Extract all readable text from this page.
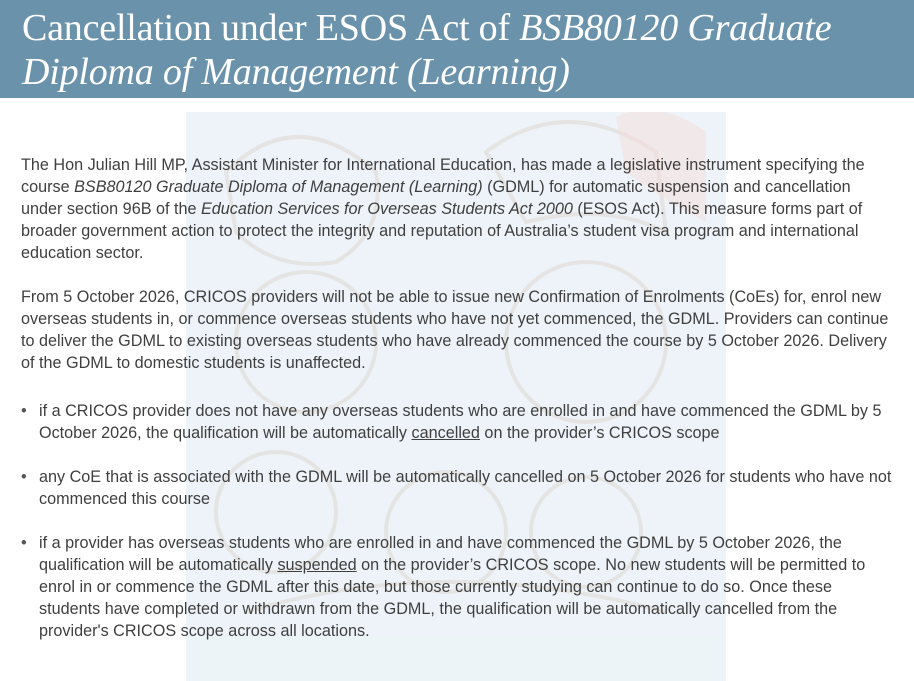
Cancellation under ESOS Act of BSB80120 Graduate Diploma of Management (Learning)

The Hon Julian Hill MP, Assistant Minister for International Education, has made a legislative instrument specifying the course BSB80120 Graduate Diploma of Management (Learning) (GDML) for automatic suspension and cancellation under section 96B of the Education Services for Overseas Students Act 2000 (ESOS Act). This measure forms part of broader government action to protect the integrity and reputation of Australia’s student visa program and international education sector.

From 5 October 2026, CRICOS providers will not be able to issue new Confirmation of Enrolments (CoEs) for, enrol new overseas students in, or commence overseas students who have not yet commenced, the GDML. Providers can continue to deliver the GDML to existing overseas students who have already commenced the course by 5 October 2026. Delivery of the GDML to domestic students is unaffected.

• if a CRICOS provider does not have any overseas students who are enrolled in and have commenced the GDML by 5 October 2026, the qualification will be automatically cancelled on the provider’s CRICOS scope
• any CoE that is associated with the GDML will be automatically cancelled on 5 October 2026 for students who have not commenced this course
• if a provider has overseas students who are enrolled in and have commenced the GDML by 5 October 2026, the qualification will be automatically suspended on the provider’s CRICOS scope. No new students will be permitted to enrol in or commence the GDML after this date, but those currently studying can continue to do so. Once these students have completed or withdrawn from the GDML, the qualification will be automatically cancelled from the provider's CRICOS scope across all locations.
